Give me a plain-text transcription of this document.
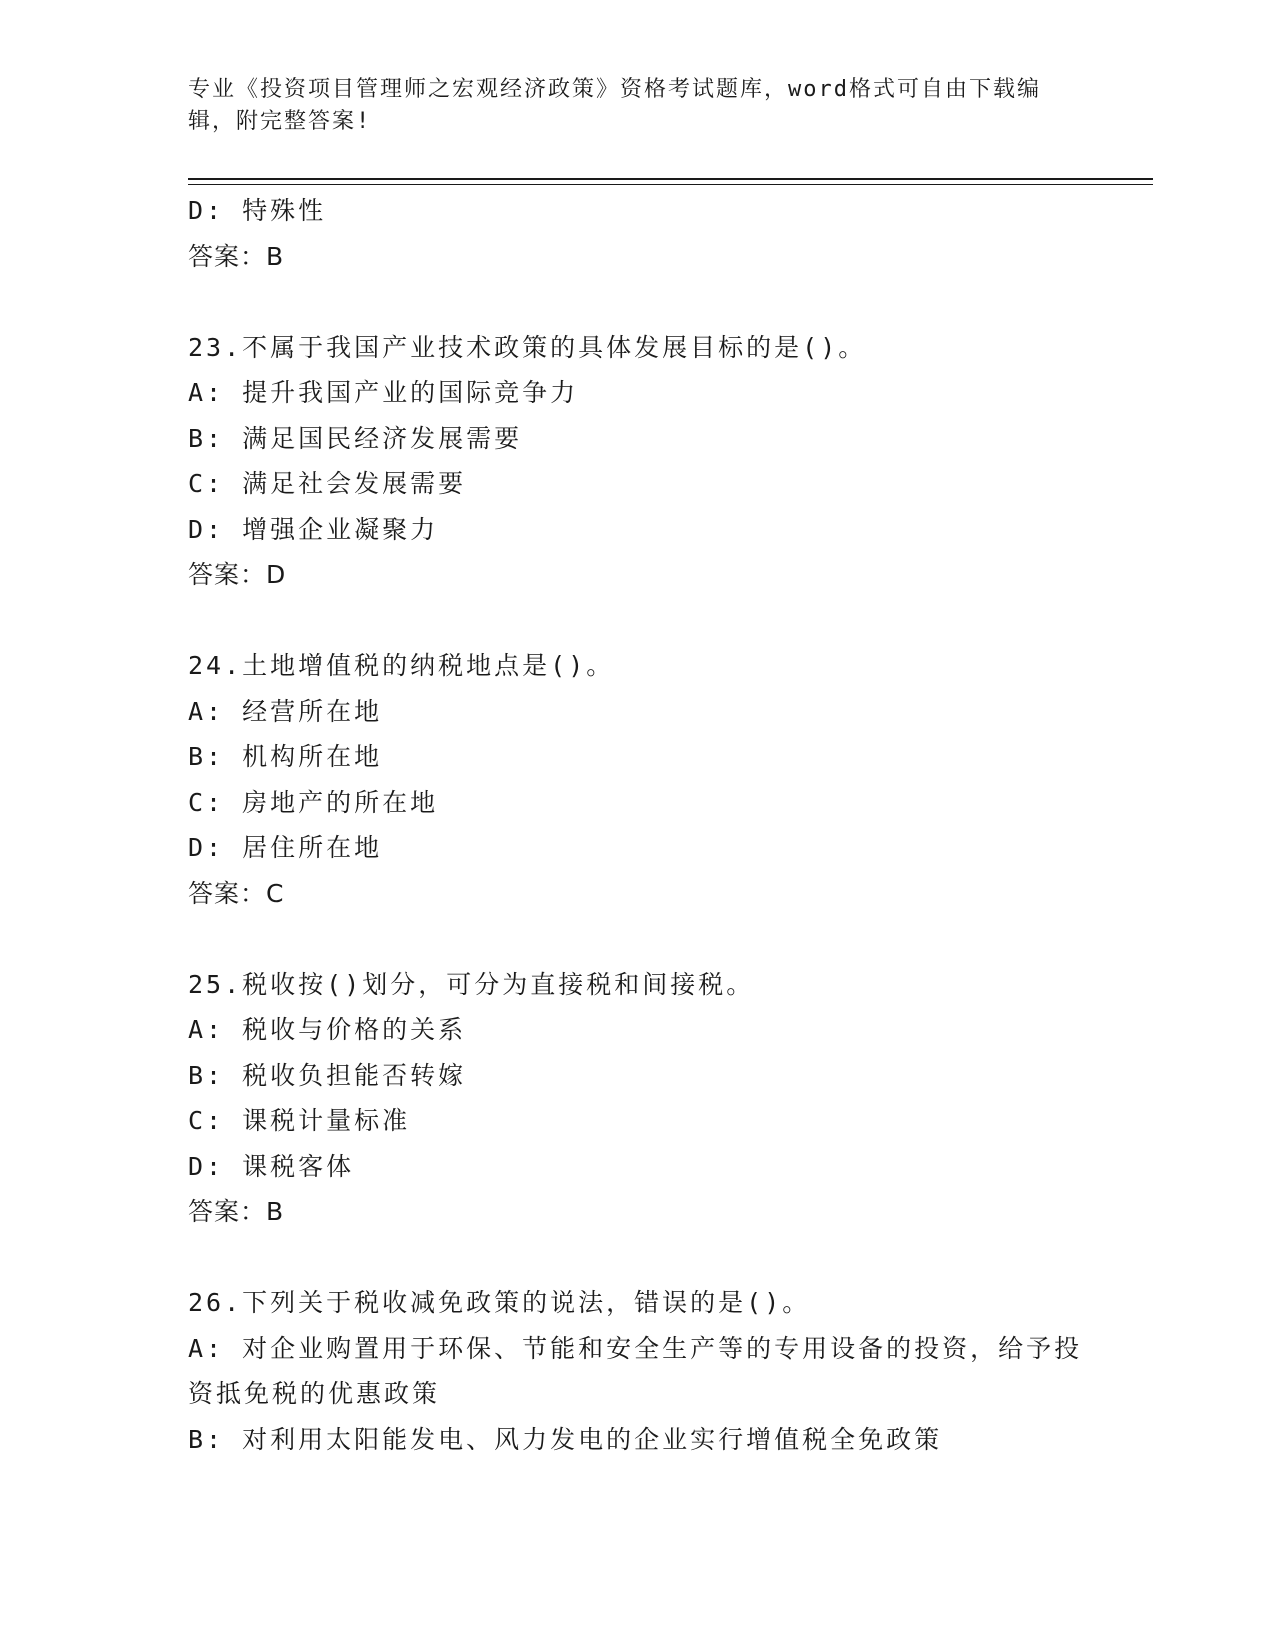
专业《投资项目管理师之宏观经济政策》资格考试题库，word格式可自由下载编辑，附完整答案!
D: 特殊性
答案：B
23.不属于我国产业技术政策的具体发展目标的是()。
A: 提升我国产业的国际竞争力
B: 满足国民经济发展需要
C: 满足社会发展需要
D: 增强企业凝聚力
答案：D
24.土地增值税的纳税地点是()。
A: 经营所在地
B: 机构所在地
C: 房地产的所在地
D: 居住所在地
答案：C
25.税收按()划分，可分为直接税和间接税。
A: 税收与价格的关系
B: 税收负担能否转嫁
C: 课税计量标准
D: 课税客体
答案：B
26.下列关于税收减免政策的说法，错误的是()。
A: 对企业购置用于环保、节能和安全生产等的专用设备的投资，给予投资抵免税的优惠政策
B: 对利用太阳能发电、风力发电的企业实行增值税全免政策
